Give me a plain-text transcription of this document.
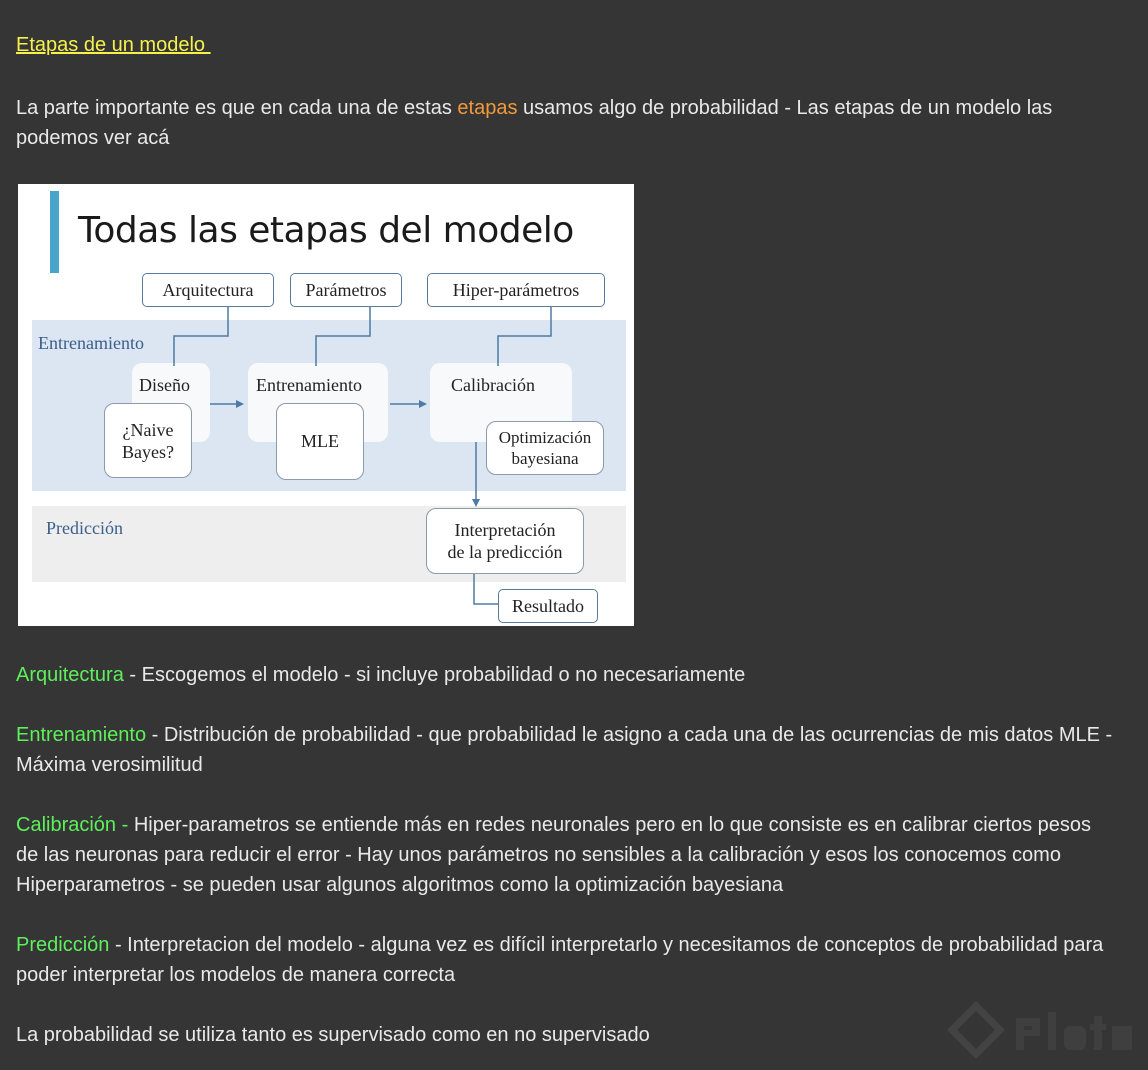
Etapas de un modelo

La parte importante es que en cada una de estas etapas usamos algo de probabilidad - Las etapas de un modelo las podemos ver acá

Todas las etapas del modelo
Arquitectura	Parámetros	Hiper-parámetros
Entrenamiento
Predicción
Diseño	Entrenamiento	Calibración
¿Naive
Bayes?
MLE	Optimización
bayesiana
Interpretación
de la predicción
Resultado

Arquitectura - Escogemos el modelo - si incluye probabilidad o no necesariamente

Entrenamiento - Distribución de probabilidad - que probabilidad le asigno a cada una de las ocurrencias de mis datos MLE - Máxima verosimilitud

Calibración - Hiper-parametros se entiende más en redes neuronales pero en lo que consiste es en calibrar ciertos pesos de las neuronas para reducir el error - Hay unos parámetros no sensibles a la calibración y esos los conocemos como Hiperparametros - se pueden usar algunos algoritmos como la optimización bayesiana

Predicción - Interpretacion del modelo - alguna vez es difícil interpretarlo y necesitamos de conceptos de probabilidad para poder interpretar los modelos de manera correcta

La probabilidad se utiliza tanto es supervisado como en no supervisado
